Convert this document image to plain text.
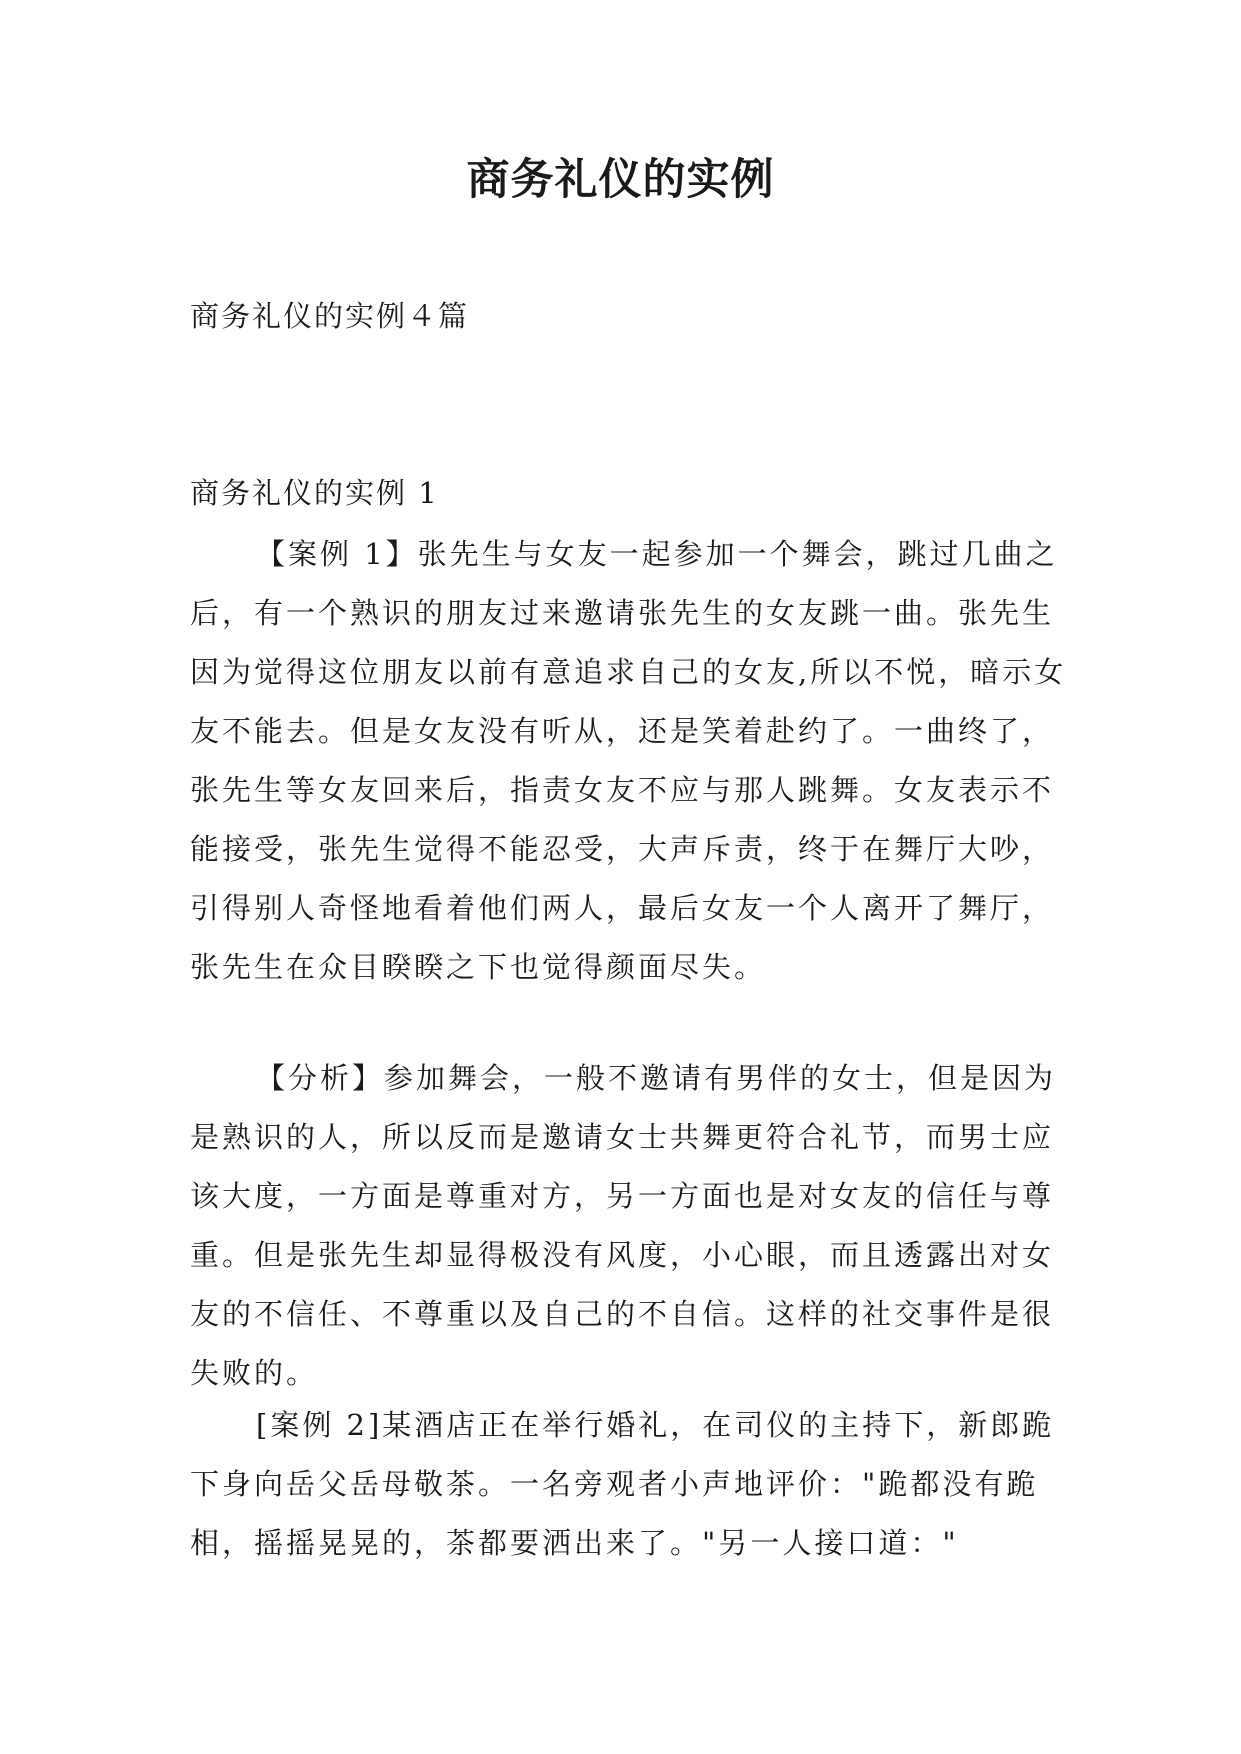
商务礼仪的实例
商务礼仪的实例４篇
商务礼仪的实例 1
【案例 1】张先生与女友一起参加一个舞会，跳过几曲之后，有一个熟识的朋友过来邀请张先生的女友跳一曲。张先生因为觉得这位朋友以前有意追求自己的女友,所以不悦，暗示女友不能去。但是女友没有听从，还是笑着赴约了。一曲终了，张先生等女友回来后，指责女友不应与那人跳舞。女友表示不能接受，张先生觉得不能忍受，大声斥责，终于在舞厅大吵，引得别人奇怪地看着他们两人，最后女友一个人离开了舞厅，张先生在众目睽睽之下也觉得颜面尽失。
【分析】参加舞会，一般不邀请有男伴的女士，但是因为是熟识的人，所以反而是邀请女士共舞更符合礼节，而男士应该大度，一方面是尊重对方，另一方面也是对女友的信任与尊重。但是张先生却显得极没有风度，小心眼，而且透露出对女友的不信任、不尊重以及自己的不自信。这样的社交事件是很失败的。
[案例 2]某酒店正在举行婚礼，在司仪的主持下，新郎跪下身向岳父岳母敬茶。一名旁观者小声地评价："跪都没有跪相，摇摇晃晃的，茶都要洒出来了。"另一人接口道："
